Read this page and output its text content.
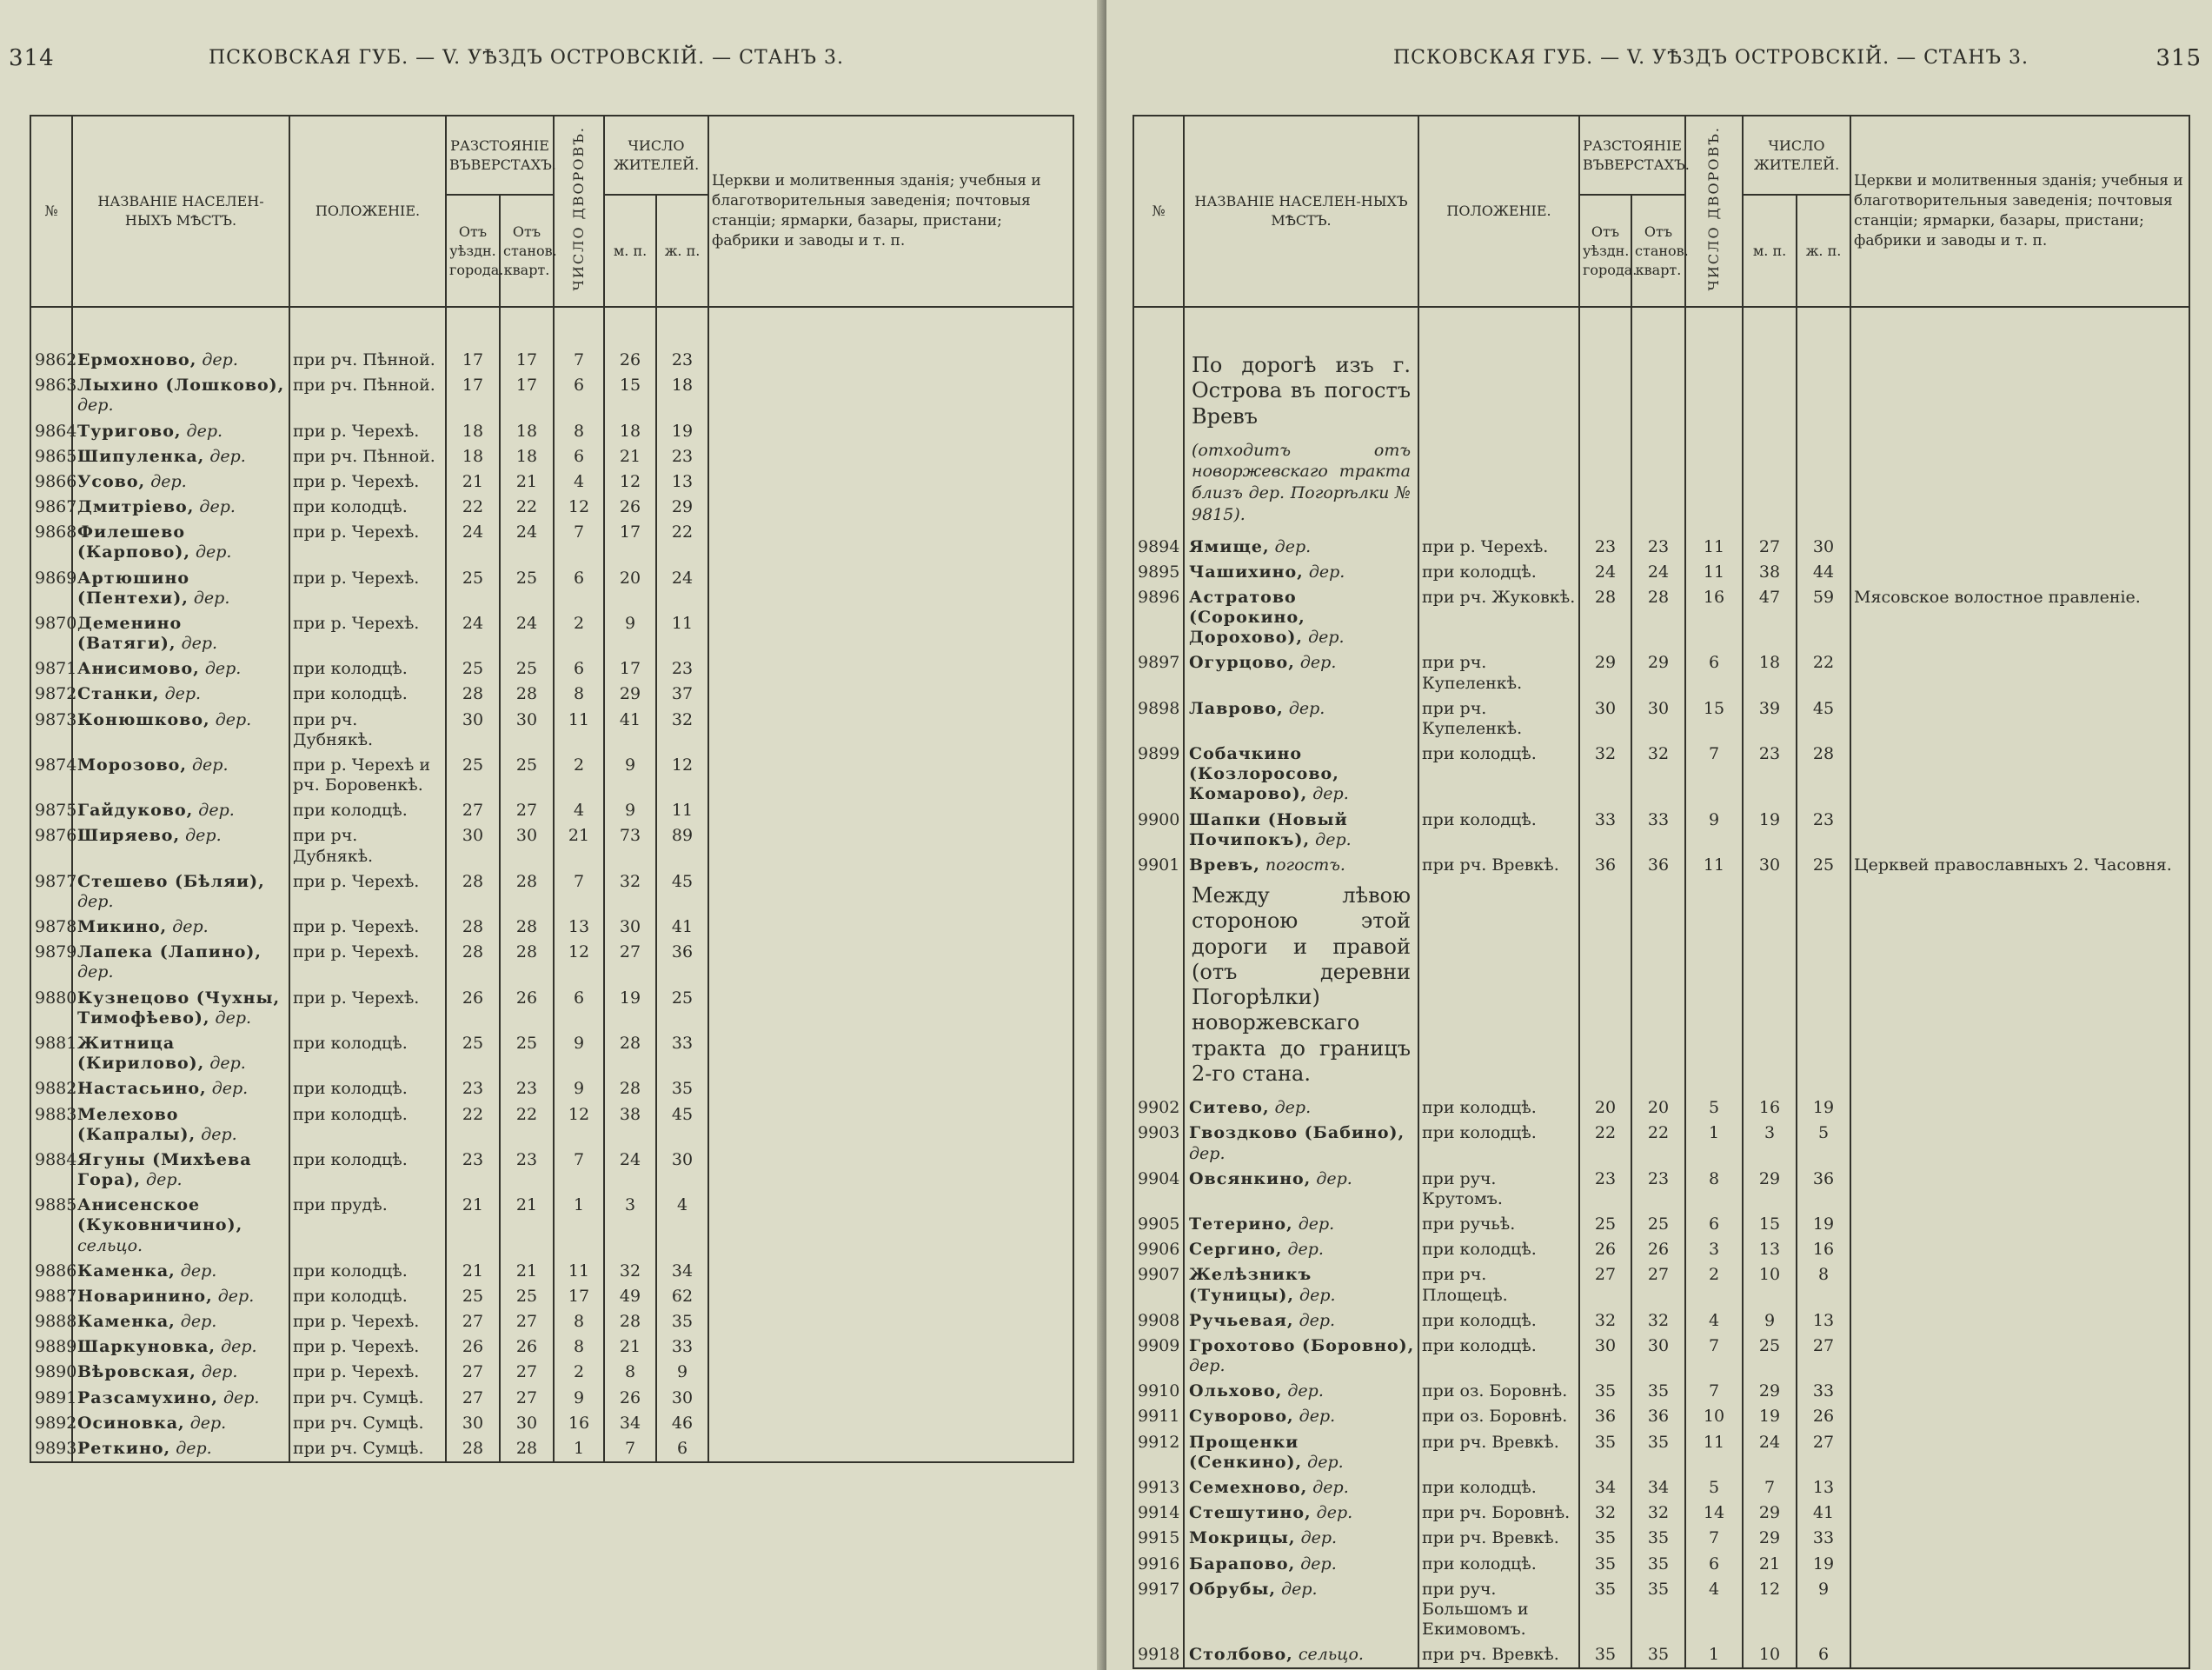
314	ПСКОВСКАЯ ГУБ. — V. УѢЗДЪ ОСТРОВСКІЙ. — СТАНЪ 3.
№	НАЗВАНІЕ НАСЕЛЕН-НЫХЪ МѢСТЪ.	ПОЛОЖЕНІЕ.	РАЗСТОЯНІЕ ВЪВЕРСТАХЪ.		ЧИСЛО ДВОРОВЪ.	ЧИСЛО ЖИТЕЛЕЙ.		Церкви и молитвенныя зданія; учебныя и благотворительныя заведенія; почтовыя станціи; ярмарки, базары, пристани; фабрики и заводы и т. п.
			Отъ уѣздн. города.	Отъ станов. кварт.		м. п.	ж. п.	

9862	Ермохново, дер.	при рч. Пѣнной.	17	17	7	26	23	
9863	Лыхино (Лошково), дер.	при рч. Пѣнной.	17	17	6	15	18	
9864	Туригово, дер.	при р. Черехѣ.	18	18	8	18	19	
9865	Шипуленка, дер.	при рч. Пѣнной.	18	18	6	21	23	
9866	Усово, дер.	при р. Черехѣ.	21	21	4	12	13	
9867	Дмитріево, дер.	при колодцѣ.	22	22	12	26	29	
9868	Филешево (Карпово), дер.	при р. Черехѣ.	24	24	7	17	22	
9869	Артюшино (Пентехи), дер.	при р. Черехѣ.	25	25	6	20	24	
9870	Деменино (Ватяги), дер.	при р. Черехѣ.	24	24	2	9	11	
9871	Анисимово, дер.	при колодцѣ.	25	25	6	17	23	
9872	Станки, дер.	при колодцѣ.	28	28	8	29	37	
9873	Конюшково, дер.	при рч. Дубнякѣ.	30	30	11	41	32	
9874	Морозово, дер.	при р. Черехѣ и рч. Боровенкѣ.	25	25	2	9	12	
9875	Гайдуково, дер.	при колодцѣ.	27	27	4	9	11	
9876	Ширяево, дер.	при рч. Дубнякѣ.	30	30	21	73	89	
9877	Стешево (Бѣляи), дер.	при р. Черехѣ.	28	28	7	32	45	
9878	Микино, дер.	при р. Черехѣ.	28	28	13	30	41	
9879	Лапека (Лапино), дер.	при р. Черехѣ.	28	28	12	27	36	
9880	Кузнецово (Чухны, Тимофѣево), дер.	при р. Черехѣ.	26	26	6	19	25	
9881	Житница (Кирилово), дер.	при колодцѣ.	25	25	9	28	33	
9882	Настасьино, дер.	при колодцѣ.	23	23	9	28	35	
9883	Мелехово (Капралы), дер.	при колодцѣ.	22	22	12	38	45	
9884	Ягуны (Михѣева Гора), дер.	при колодцѣ.	23	23	7	24	30	
9885	Анисенское (Куковничино), сельцо.	при прудѣ.	21	21	1	3	4	
9886	Каменка, дер.	при колодцѣ.	21	21	11	32	34	
9887	Новаринино, дер.	при колодцѣ.	25	25	17	49	62	
9888	Каменка, дер.	при р. Черехѣ.	27	27	8	28	35	
9889	Шаркуновка, дер.	при р. Черехѣ.	26	26	8	21	33	
9890	Вѣровская, дер.	при р. Черехѣ.	27	27	2	8	9	
9891	Разсамухино, дер.	при рч. Сумцѣ.	27	27	9	26	30	
9892	Осиновка, дер.	при рч. Сумцѣ.	30	30	16	34	46	
9893	Реткино, дер.	при рч. Сумцѣ.	28	28	1	7	6	
ПСКОВСКАЯ ГУБ. — V. УѢЗДЪ ОСТРОВСКІЙ. — СТАНЪ 3.	315
№	НАЗВАНІЕ НАСЕЛЕН-НЫХЪ МѢСТЪ.	ПОЛОЖЕНІЕ.	РАЗСТОЯНІЕ ВЪВЕРСТАХЪ.		ЧИСЛО ДВОРОВЪ.	ЧИСЛО ЖИТЕЛЕЙ.		Церкви и молитвенныя зданія; учебныя и благотворительныя заведенія; почтовыя станціи; ярмарки, базары, пристани; фабрики и заводы и т. п.
			Отъ уѣздн. города.	Отъ станов. кварт.		м. п.	ж. п.	

	По дорогѣ изъ г. Острова въ погостъ Вревъ
(отходитъ отъ новоржевскаго тракта близъ дер. Погорѣлки № 9815).							

9894	Ямище, дер.	при р. Черехѣ.	23	23	11	27	30	
9895	Чашихино, дер.	при колодцѣ.	24	24	11	38	44	
9896	Астратово (Сорокино, Дорохово), дер.	при рч. Жуковкѣ.	28	28	16	47	59	Мясовское волостное правленіе.
9897	Огурцово, дер.	при рч. Купеленкѣ.	29	29	6	18	22	
9898	Лаврово, дер.	при рч. Купеленкѣ.	30	30	15	39	45	
9899	Собачкино (Козлоросово, Комарово), дер.	при колодцѣ.	32	32	7	23	28	
9900	Шапки (Новый Почипокъ), дер.	при колодцѣ.	33	33	9	19	23	
9901	Вревъ, погостъ.	при рч. Вревкѣ.	36	36	11	30	25	Церквей православныхъ 2. Часовня.
	Между лѣвою стороною этой дороги и правой (отъ деревни Погорѣлки) новоржевскаго тракта до границъ 2-го стана.							
9902	Ситево, дер.	при колодцѣ.	20	20	5	16	19	
9903	Гвоздково (Бабино), дер.	при колодцѣ.	22	22	1	3	5	
9904	Овсянкино, дер.	при руч. Крутомъ.	23	23	8	29	36	
9905	Тетерино, дер.	при ручьѣ.	25	25	6	15	19	
9906	Сергино, дер.	при колодцѣ.	26	26	3	13	16	
9907	Желѣзникъ (Туницы), дер.	при рч. Площецѣ.	27	27	2	10	8	
9908	Ручьевая, дер.	при колодцѣ.	32	32	4	9	13	
9909	Грохотово (Боровно), дер.	при колодцѣ.	30	30	7	25	27	
9910	Ольхово, дер.	при оз. Боровнѣ.	35	35	7	29	33	
9911	Суворово, дер.	при оз. Боровнѣ.	36	36	10	19	26	
9912	Прощенки (Сенкино), дер.	при рч. Вревкѣ.	35	35	11	24	27	
9913	Семехново, дер.	при колодцѣ.	34	34	5	7	13	
9914	Стешутино, дер.	при рч. Боровнѣ.	32	32	14	29	41	
9915	Мокрицы, дер.	при рч. Вревкѣ.	35	35	7	29	33	
9916	Барапово, дер.	при колодцѣ.	35	35	6	21	19	
9917	Обрубы, дер.	при руч. Большомъ и Екимовомъ.	35	35	4	12	9	
9918	Столбово, сельцо.	при рч. Вревкѣ.	35	35	1	10	6	
